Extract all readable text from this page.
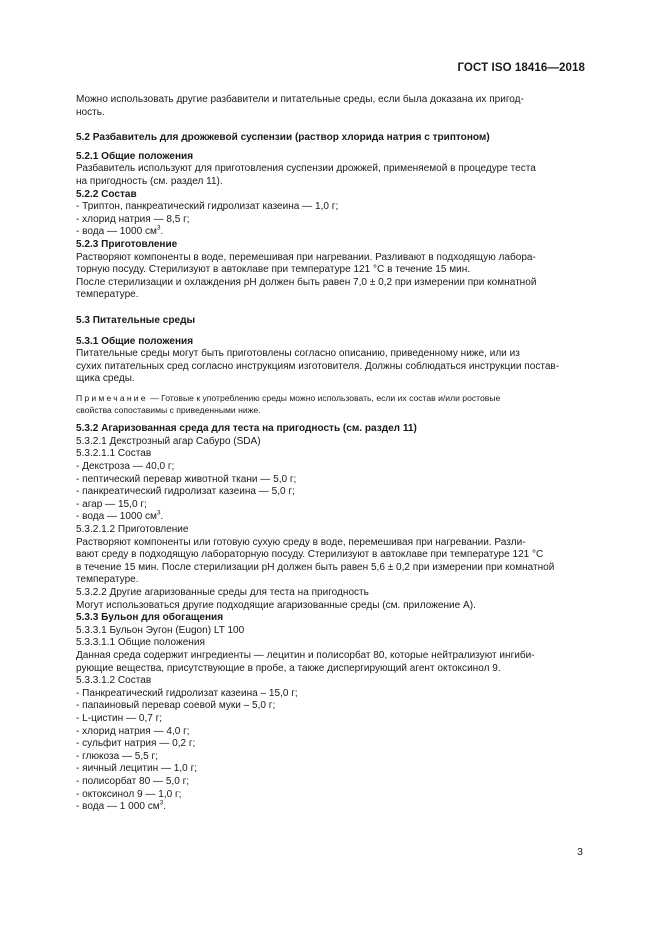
ГОСТ ISO 18416—2018
Можно использовать другие разбавители и питательные среды, если была доказана их пригод-
ность.
5.2 Разбавитель для дрожжевой суспензии (раствор хлорида натрия с триптоном)
5.2.1 Общие положения
Разбавитель используют для приготовления суспензии дрожжей, применяемой в процедуре теста
на пригодность (см. раздел 11).
5.2.2 Состав
- Триптон, панкреатический гидролизат казеина — 1,0 г;
- хлорид натрия — 8,5 г;
- вода — 1000 $см^3$.
5.2.3 Приготовление
Растворяют компоненты в воде, перемешивая при нагревании. Разливают в подходящую лабора-
торную посуду. Стерилизуют в автоклаве при температуре 121 °С в течение 15 мин.
После стерилизации и охлаждения pH должен быть равен 7,0 ± 0,2 при измерении при комнатной
температуре.
5.3 Питательные среды
5.3.1 Общие положения
Питательные среды могут быть приготовлены согласно описанию, приведенному ниже, или из
сухих питательных сред согласно инструкциям изготовителя. Должны соблюдаться инструкции постав-
щика среды.
Примечание — Готовые к употреблению среды можно использовать, если их состав и/или ростовые
свойства сопоставимы с приведенными ниже.
5.3.2 Агаризованная среда для теста на пригодность (см. раздел 11)
5.3.2.1 Декстрозный агар Сабуро (SDA)
5.3.2.1.1 Состав
- Декстроза — 40,0 г;
- пептический перевар животной ткани — 5,0 г;
- панкреатический гидролизат казеина — 5,0 г;
- агар — 15,0 г;
- вода — 1000 $см^3$.
5.3.2.1.2 Приготовление
Растворяют компоненты или готовую сухую среду в воде, перемешивая при нагревании. Разли-
вают среду в подходящую лабораторную посуду. Стерилизуют в автоклаве при температуре 121 °С
в течение 15 мин. После стерилизации pH должен быть равен 5,6 ± 0,2 при измерении при комнатной
температуре.
5.3.2.2 Другие агаризованные среды для теста на пригодность
Могут использоваться другие подходящие агаризованные среды (см. приложение А).
5.3.3 Бульон для обогащения
5.3.3.1 Бульон Эугон (Eugon) LT 100
5.3.3.1.1 Общие положения
Данная среда содержит ингредиенты — лецитин и полисорбат 80, которые нейтрализуют ингиби-
рующие вещества, присутствующие в пробе, а также диспергирующий агент октоксинол 9.
5.3.3.1.2 Состав
- Панкреатический гидролизат казеина – 15,0 г;
- папаиновый перевар соевой муки – 5,0 г;
- L-цистин — 0,7 г;
- хлорид натрия — 4,0 г;
- сульфит натрия — 0,2 г;
- глюкоза — 5,5 г;
- яичный лецитин — 1,0 г;
- полисорбат 80 — 5,0 г;
- октоксинол 9 — 1,0 г;
- вода — 1 000 $см^3$.
3
